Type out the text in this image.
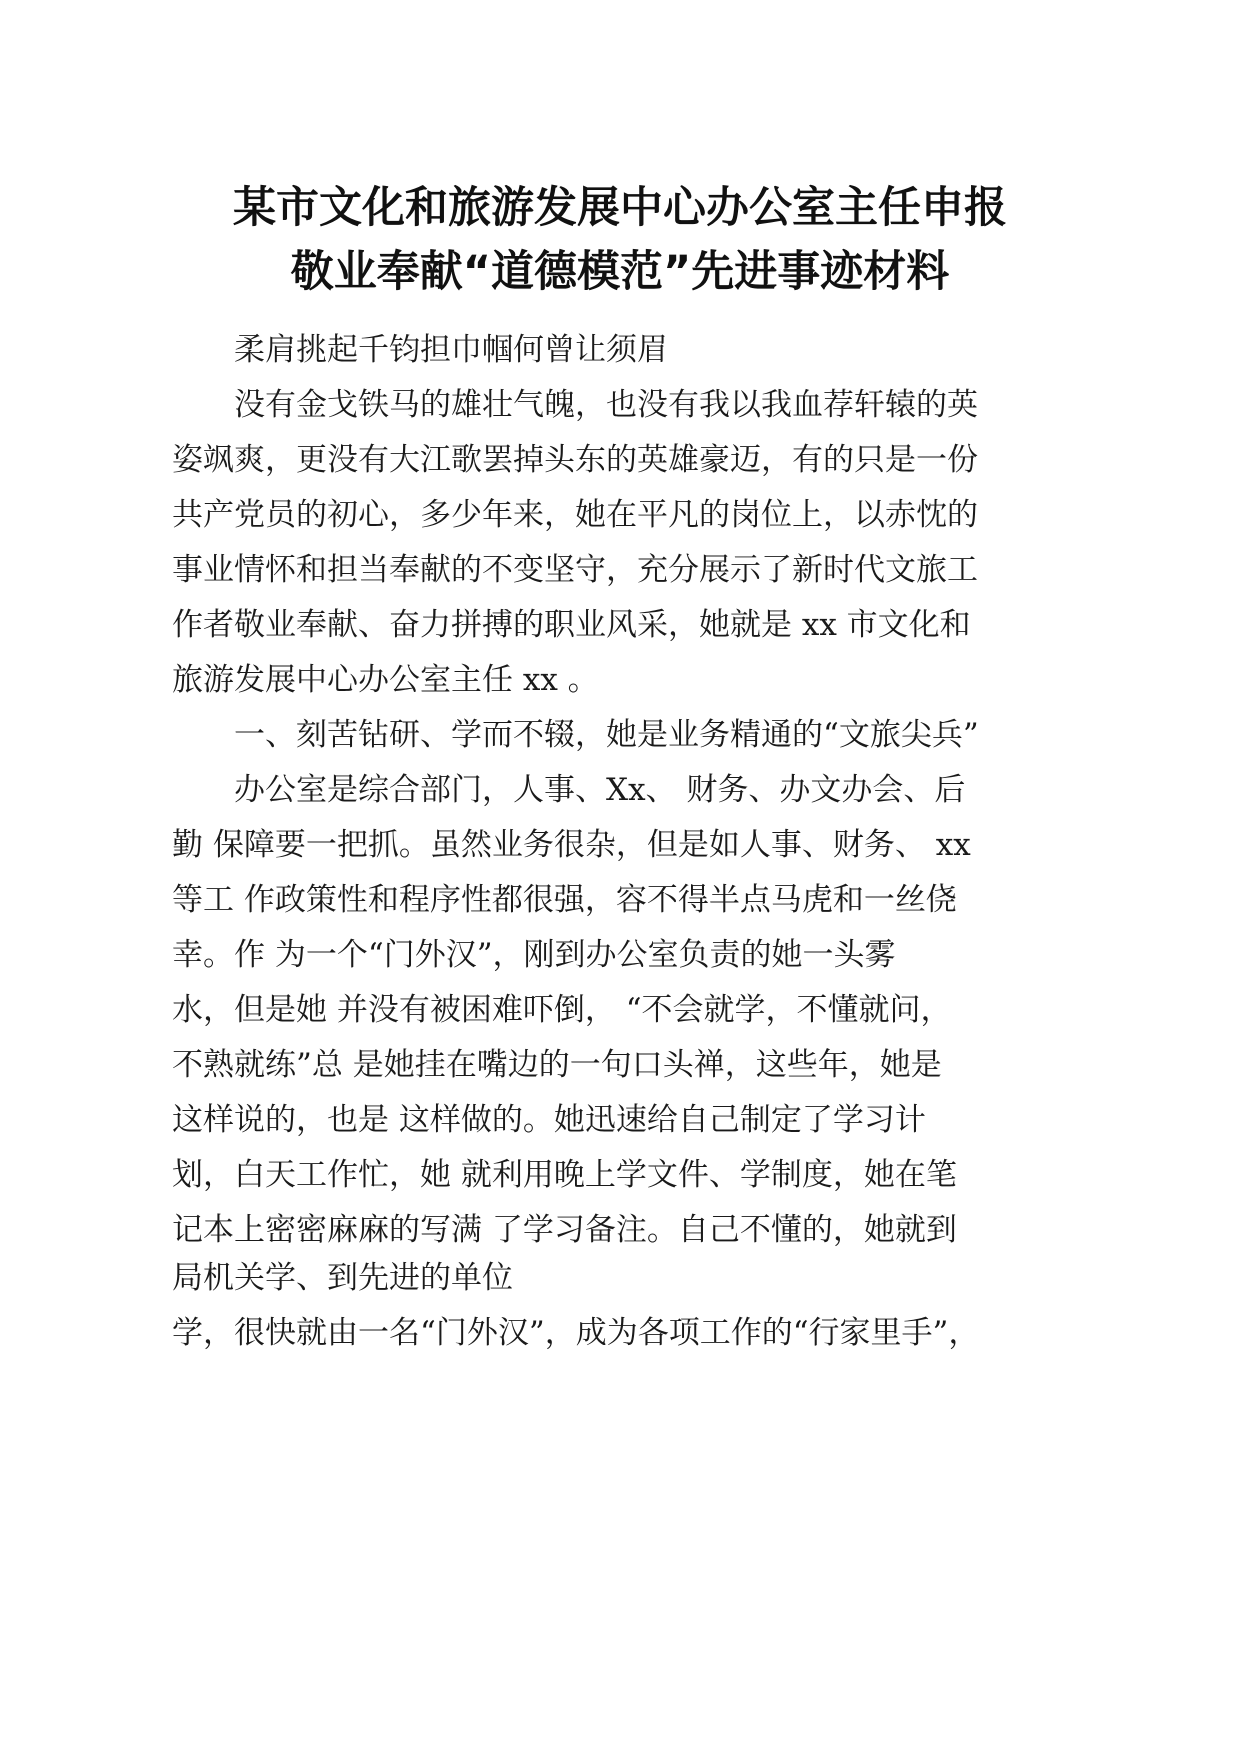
某市文化和旅游发展中心办公室主任申报
敬业奉献“道德模范”先进事迹材料
柔肩挑起千钧担巾帼何曾让须眉
没有金戈铁马的雄壮气魄，也没有我以我血荐轩辕的英
姿飒爽，更没有大江歌罢掉头东的英雄豪迈，有的只是一份
共产党员的初心，多少年来，她在平凡的岗位上，以赤忱的
事业情怀和担当奉献的不变坚守，充分展示了新时代文旅工
作者敬业奉献、奋力拼搏的职业风采，她就是 xx 市文化和
旅游发展中心办公室主任 xx 。
一、刻苦钻研、学而不辍，她是业务精通的“文旅尖兵”
办公室是综合部门，人事、Xx、 财务、办文办会、后
勤 保障要一把抓。虽然业务很杂，但是如人事、财务、 xx
等工 作政策性和程序性都很强，容不得半点马虎和一丝侥
幸。作 为一个“门外汉”，刚到办公室负责的她一头雾
水，但是她 并没有被困难吓倒， “不会就学，不懂就问，
不熟就练”总 是她挂在嘴边的一句口头禅，这些年，她是
这样说的，也是 这样做的。她迅速给自己制定了学习计
划，白天工作忙，她 就利用晚上学文件、学制度，她在笔
记本上密密麻麻的写满 了学习备注。自己不懂的，她就到
局机关学、到先进的单位
学，很快就由一名“门外汉”，成为各项工作的“行家里手”，
